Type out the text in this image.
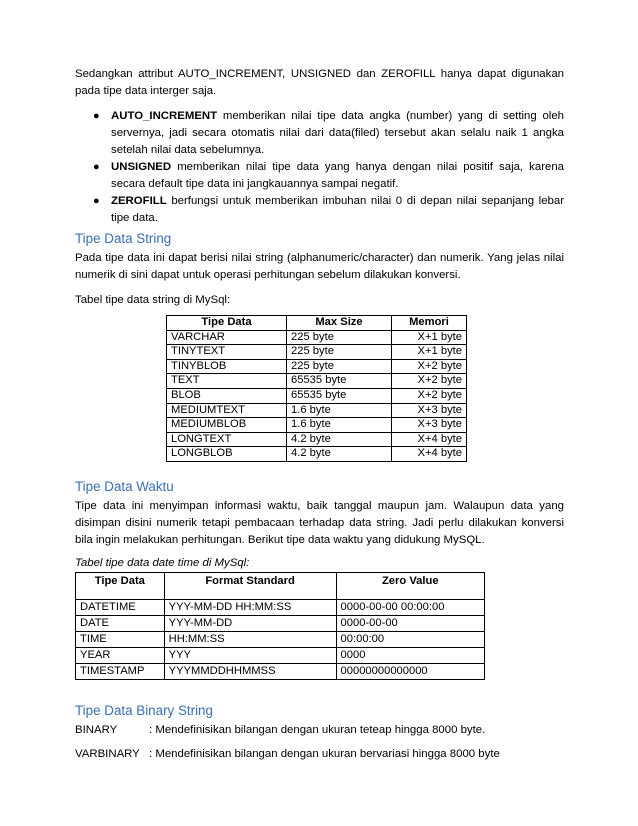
Sedangkan attribut AUTO_INCREMENT, UNSIGNED dan ZEROFILL hanya dapat digunakan pada tipe data interger saja.

● AUTO_INCREMENT memberikan nilai tipe data angka (number) yang di setting oleh servernya, jadi secara otomatis nilai dari data(filed) tersebut akan selalu naik 1 angka setelah nilai data sebelumnya.
● UNSIGNED memberikan nilai tipe data yang hanya dengan nilai positif saja, karena secara default tipe data ini jangkauannya sampai negatif.
● ZEROFILL berfungsi untuk memberikan imbuhan nilai 0 di depan nilai sepanjang lebar tipe data.
Tipe Data String

Pada tipe data ini dapat berisi nilai string (alphanumeric/character) dan numerik. Yang jelas nilai numerik di sini dapat untuk operasi perhitungan sebelum dilakukan konversi.

Tabel tipe data string di MySql:

Tipe Data	Max Size	Memori
VARCHAR	225 byte	X+1 byte
TINYTEXT	225 byte	X+1 byte
TINYBLOB	225 byte	X+2 byte
TEXT	65535 byte	X+2 byte
BLOB	65535 byte	X+2 byte
MEDIUMTEXT	1.6 byte	X+3 byte
MEDIUMBLOB	1.6 byte	X+3 byte
LONGTEXT	4.2 byte	X+4 byte
LONGBLOB	4.2 byte	X+4 byte
Tipe Data Waktu

Tipe data ini menyimpan informasi waktu, baik tanggal maupun jam. Walaupun data yang disimpan disini numerik tetapi pembacaan terhadap data string. Jadi perlu dilakukan konversi bila ingin melakukan perhitungan. Berikut tipe data waktu yang didukung MySQL.

Tabel tipe data date time di MySql:

Tipe Data	Format Standard	Zero Value
DATETIME	YYY-MM-DD HH:MM:SS	0000-00-00 00:00:00
DATE	YYY-MM-DD	0000-00-00
TIME	HH:MM:SS	00:00:00
YEAR	YYY	0000
TIMESTAMP	YYYMMDDHHMMSS	00000000000000
Tipe Data Binary String
BINARY	: Mendefinisikan bilangan dengan ukuran teteap hingga 8000 byte.
VARBINARY : Mendefinisikan bilangan dengan ukuran bervariasi hingga 8000 byte
